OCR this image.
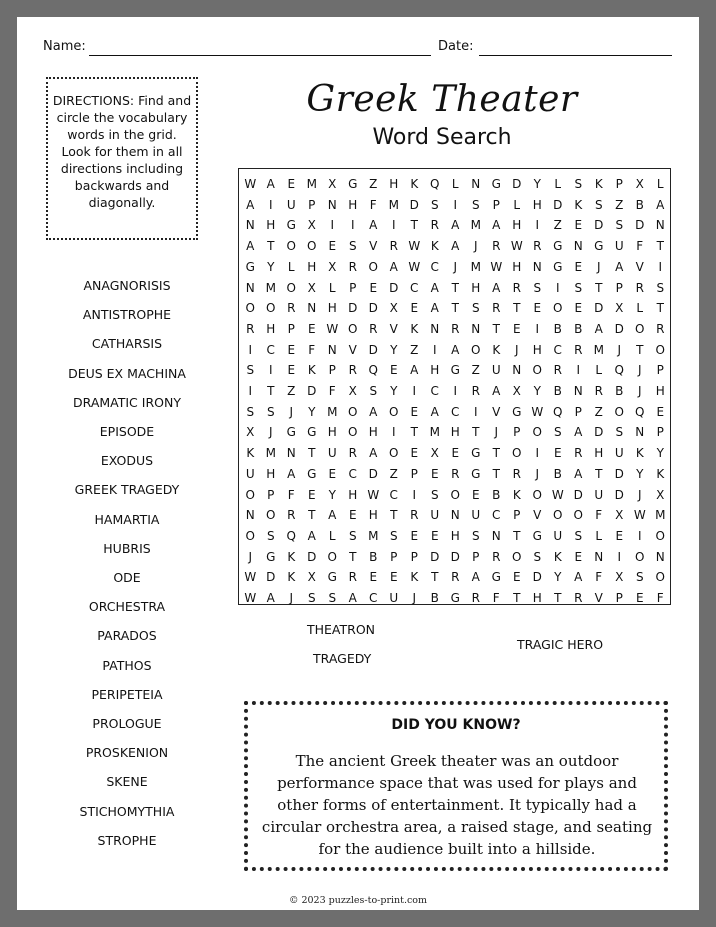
Name:	Date:
DIRECTIONS: Find and circle the vocabulary words in the grid. Look for them in all directions including backwards and diagonally.
Greek Theater
Word Search
ANAGNORISIS
ANTISTROPHE
CATHARSIS
DEUS EX MACHINA
DRAMATIC IRONY
EPISODE
EXODUS
GREEK TRAGEDY
HAMARTIA
HUBRIS
ODE
ORCHESTRA
PARADOS
PATHOS
PERIPETEIA
PROLOGUE
PROSKENION
SKENE
STICHOMYTHIA
STROPHE
W A	E M X G Z H	K Q	L	N G D	Y	L	S	K	P	X	L
A	I	U	P	N H	F M D	S	I	S	P	L	H D K	S	Z	B	A
N H G X	I	I	A	I	T	R	A M A H	I	Z	E	D	S	D N
A	T	O O E	S	V	R W K	A	J	R W R G N G U	F	T
G	Y	L	H X	R O A W C	J	M W H N G	E	J	A	V	I
N M O X	L	P	E	D C	A	T	H A	R	S	I	S	T	P	R	S
O O R N H D D X	E	A	T	S	R	T	E O E	D X	L	T
R H	P	E W O R	V	K	N R N	T	E	I	B	B	A D O R
I	C	E	F	N V D	Y	Z	I	A O K	J	H C	R M	J	T	O
S	I	E	K	P	R Q E	A H G Z U N O R	I	L	Q	J	P
I	T	Z D	F	X	S	Y	I	C	I	R	A	X	Y	B N R	B	J	H
S	S	J	Y M O A O E	A	C	I	V G W Q	P	Z O Q E
X	J	G G H O H	I	T M H	T	J	P	O S	A D	S	N	P
K M N	T	U R	A O E	X	E	G	T	O	I	E	R H U	K	Y
U H A G	E	C D Z	P	E	R G	T	R	J	B	A	T	D	Y	K
O	P	F	E	Y	H W C	I	S O E	B	K O W D U D	J	X
N O R	T	A	E	H	T	R U N U C	P	V O O	F	X W M
O S Q A	L	S M S	E	E	H	S	N	T	G U	S	L	E	I	O
J	G K D O	T	B	P	P	D D	P	R O S	K	E	N	I	O N
W D K	X G R	E	E	K	T	R	A G	E	D	Y	A	F	X	S O
W A	J	S	S	A	C U	J	B G R	F	T	H	T	R	V	P	E	F
THEATRON
TRAGEDY
TRAGIC HERO
DID YOU KNOW?
The ancient Greek theater was an outdoor performance space that was used for plays and other forms of entertainment. It typically had a circular orchestra area, a raised stage, and seating for the audience built into a hillside.
© 2023 puzzles-to-print.com
